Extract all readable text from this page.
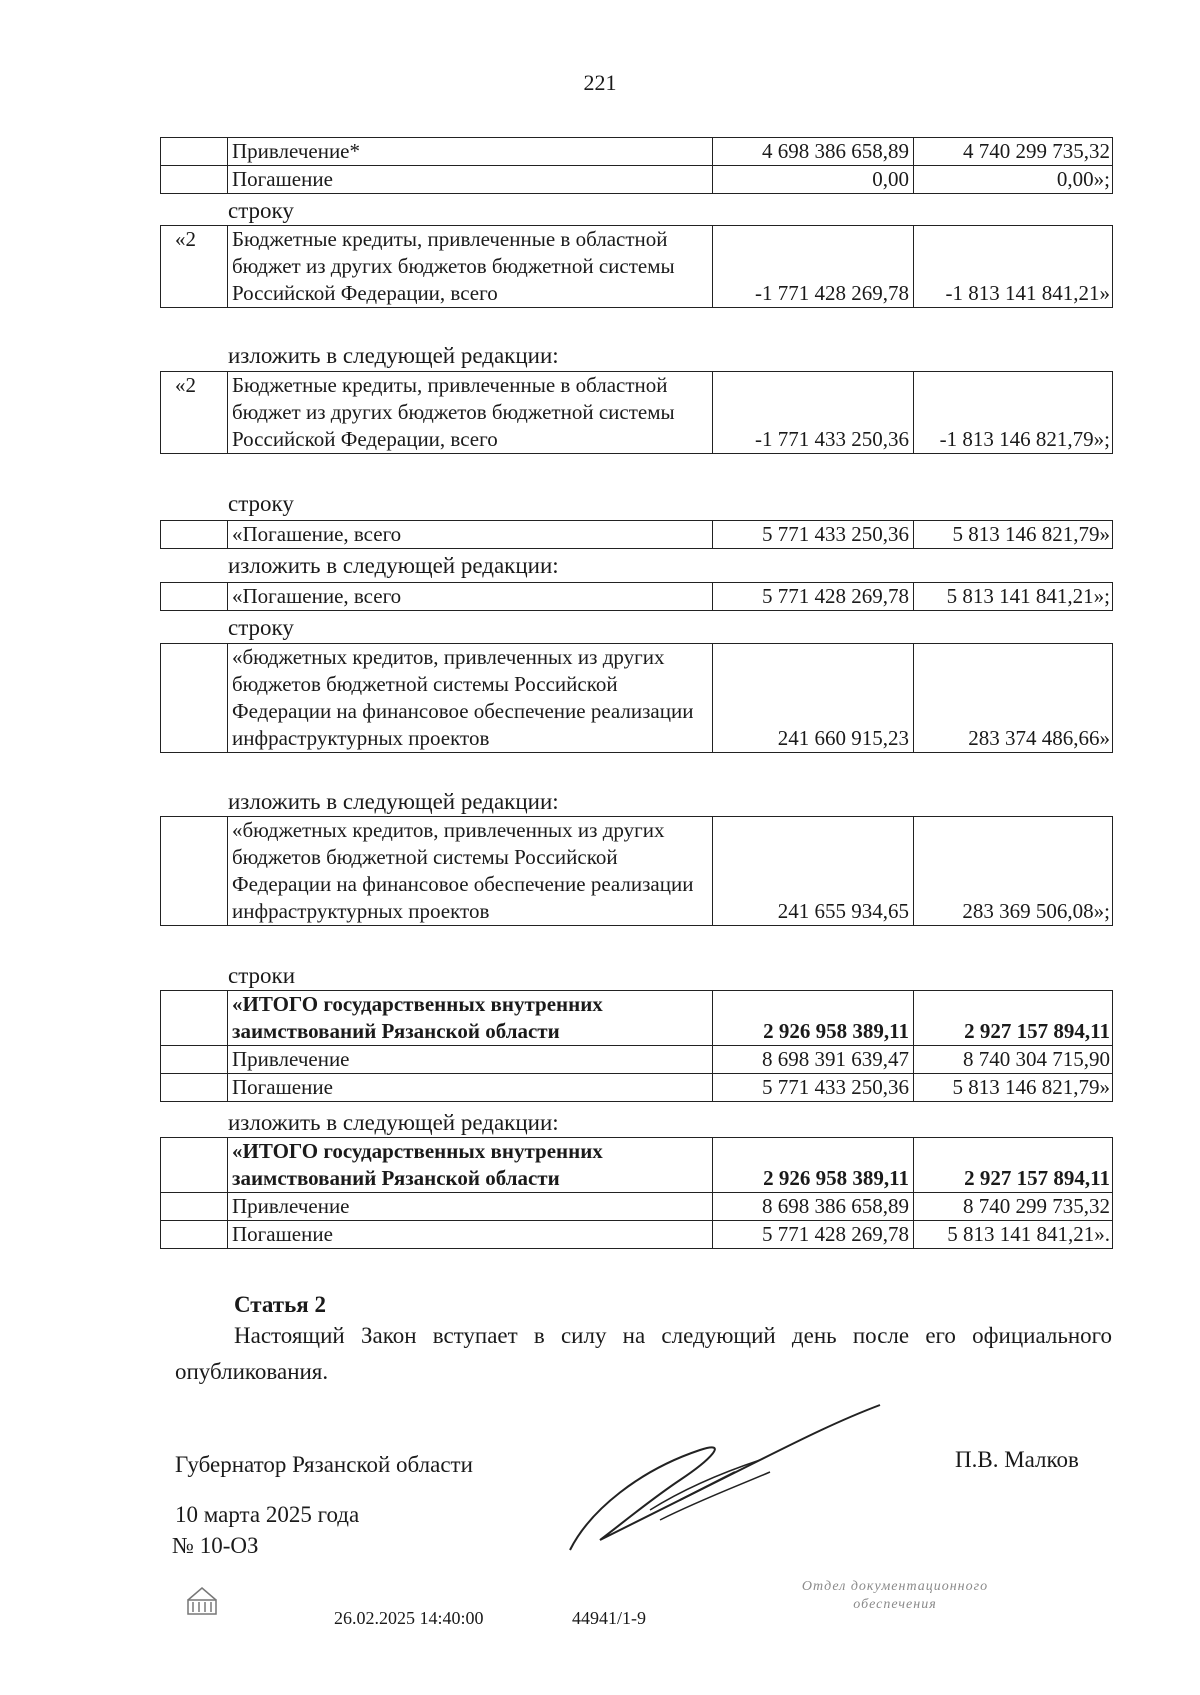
221
	Привлечение*	4 698 386 658,89	4 740 299 735,32
	Погашение	0,00	0,00»;
строку
«2	Бюджетные кредиты, привлеченные в областной бюджет из других бюджетов бюджетной системы Российской Федерации, всего	-1 771 428 269,78	-1 813 141 841,21»
изложить в следующей редакции:
«2	Бюджетные кредиты, привлеченные в областной бюджет из других бюджетов бюджетной системы Российской Федерации, всего	-1 771 433 250,36	-1 813 146 821,79»;
строку
	«Погашение, всего	5 771 433 250,36	5 813 146 821,79»
изложить в следующей редакции:
	«Погашение, всего	5 771 428 269,78	5 813 141 841,21»;
строку
	«бюджетных кредитов, привлеченных из других бюджетов бюджетной системы Российской Федерации на финансовое обеспечение реализации инфраструктурных проектов	241 660 915,23	283 374 486,66»
изложить в следующей редакции:
	«бюджетных кредитов, привлеченных из других бюджетов бюджетной системы Российской Федерации на финансовое обеспечение реализации инфраструктурных проектов	241 655 934,65	283 369 506,08»;
строки
	«ИТОГО государственных внутренних заимствований Рязанской области	2 926 958 389,11	2 927 157 894,11
	Привлечение	8 698 391 639,47	8 740 304 715,90
	Погашение	5 771 433 250,36	5 813 146 821,79»
изложить в следующей редакции:
	«ИТОГО государственных внутренних заимствований Рязанской области	2 926 958 389,11	2 927 157 894,11
	Привлечение	8 698 386 658,89	8 740 299 735,32
	Погашение	5 771 428 269,78	5 813 141 841,21».
Статья 2
Настоящий Закон вступает в силу на следующий день после его официального опубликования.
Губернатор Рязанской области	П.В. Малков
10 марта 2025 года
№ 10-ОЗ
26.02.2025 14:40:00	44941/1-9
Отдел документационного
обеспечения
